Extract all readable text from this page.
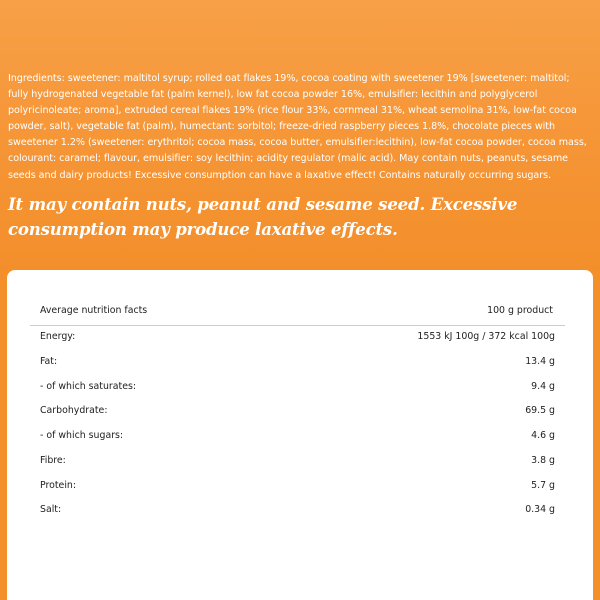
Ingredients: sweetener: maltitol syrup; rolled oat flakes 19%, cocoa coating with sweetener 19% [sweetener: maltitol; fully hydrogenated vegetable fat (palm kernel), low fat cocoa powder 16%, emulsifier: lecithin and polyglycerol polyricinoleate; aroma], extruded cereal flakes 19% (rice flour 33%, cornmeal 31%, wheat semolina 31%, low-fat cocoa powder, salt), vegetable fat (palm), humectant: sorbitol; freeze-dried raspberry pieces 1.8%, chocolate pieces with sweetener 1.2% (sweetener: erythritol; cocoa mass, cocoa butter, emulsifier:lecithin), low-fat cocoa powder, cocoa mass, colourant: caramel; flavour, emulsifier: soy lecithin; acidity regulator (malic acid). May contain nuts, peanuts, sesame seeds and dairy products! Excessive consumption can have a laxative effect! Contains naturally occurring sugars.

It may contain nuts, peanut and sesame seed. Excessive consumption may produce laxative effects.

Average nutrition facts	100 g product
Energy:	1553 kJ 100g / 372 kcal 100g
Fat:	13.4 g
- of which saturates:	9.4 g
Carbohydrate:	69.5 g
- of which sugars:	4.6 g
Fibre:	3.8 g
Protein:	5.7 g
Salt:	0.34 g
